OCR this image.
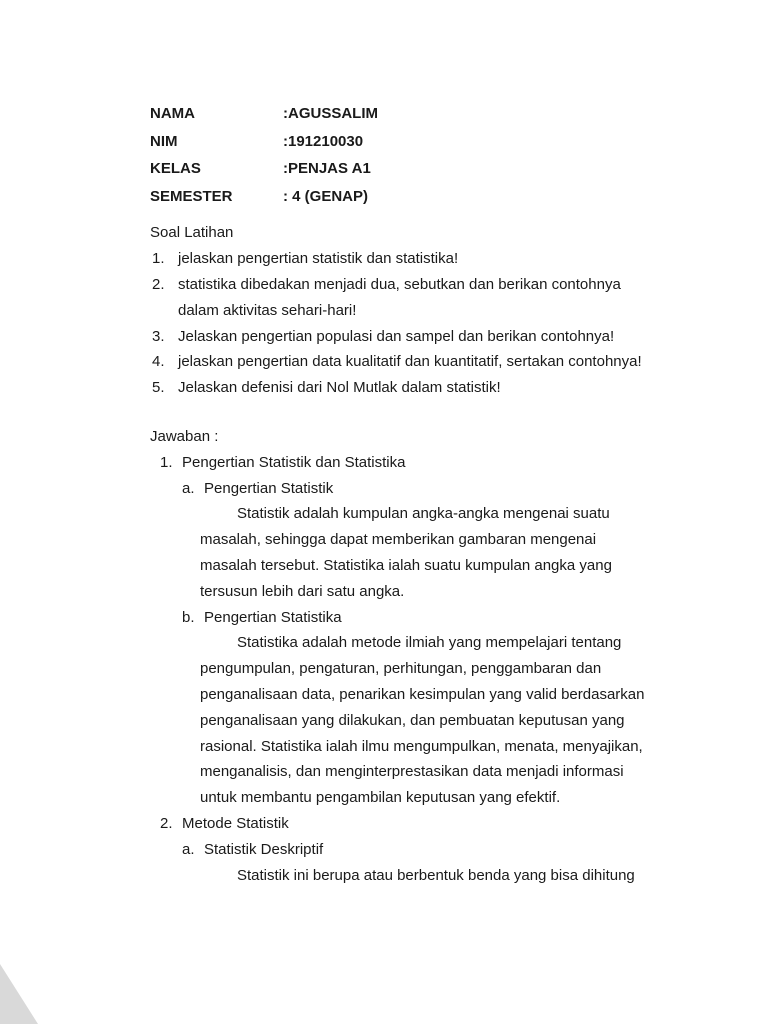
NAMA	:AGUSSALIM
NIM	:191210030
KELAS	:PENJAS A1
SEMESTER	: 4 (GENAP)
Soal Latihan
1. jelaskan pengertian statistik dan statistika!
2. statistika dibedakan menjadi dua, sebutkan dan berikan contohnya dalam aktivitas sehari-hari!
3. Jelaskan pengertian populasi dan sampel dan berikan contohnya!
4. jelaskan pengertian data kualitatif dan kuantitatif, sertakan contohnya!
5. Jelaskan defenisi dari Nol Mutlak dalam statistik!
Jawaban :
1. Pengertian Statistik dan Statistika
a. Pengertian Statistik

Statistik adalah kumpulan angka-angka mengenai suatu masalah, sehingga dapat memberikan gambaran mengenai masalah tersebut. Statistika ialah suatu kumpulan angka yang tersusun lebih dari satu angka.

b. Pengertian Statistika

Statistika adalah metode ilmiah yang mempelajari tentang pengumpulan, pengaturan, perhitungan, penggambaran dan penganalisaan data, penarikan kesimpulan yang valid berdasarkan penganalisaan yang dilakukan, dan pembuatan keputusan yang rasional. Statistika ialah ilmu mengumpulkan, menata, menyajikan, menganalisis, dan menginterprestasikan data menjadi informasi untuk membantu pengambilan keputusan yang efektif.

2. Metode Statistik
a. Statistik Deskriptif

Statistik ini berupa atau berbentuk benda yang bisa dihitung
